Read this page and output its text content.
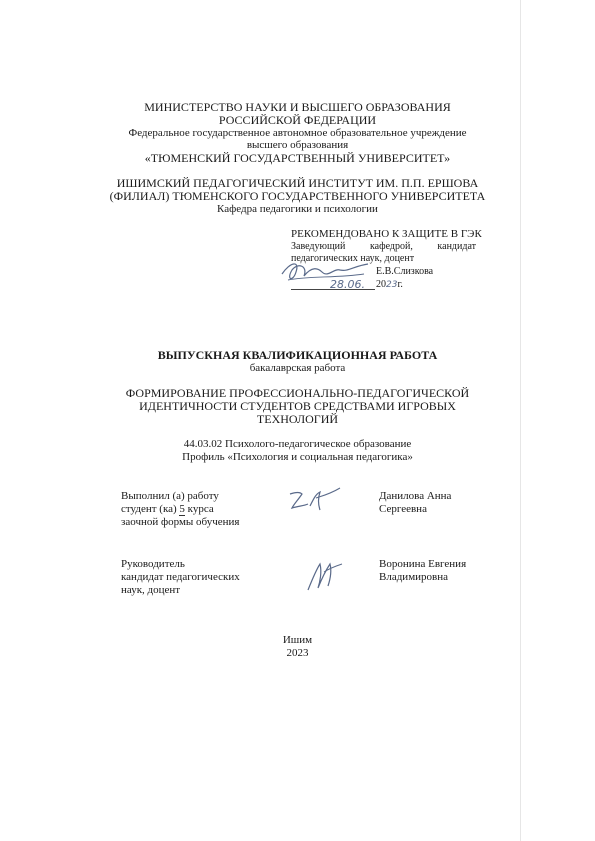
МИНИСТЕРСТВО НАУКИ И ВЫСШЕГО ОБРАЗОВАНИЯ
РОССИЙСКОЙ ФЕДЕРАЦИИ
Федеральное государственное автономное образовательное учреждение
высшего образования
«ТЮМЕНСКИЙ ГОСУДАРСТВЕННЫЙ УНИВЕРСИТЕТ»
ИШИМСКИЙ ПЕДАГОГИЧЕСКИЙ ИНСТИТУТ ИМ. П.П. ЕРШОВА
(ФИЛИАЛ) ТЮМЕНСКОГО ГОСУДАРСТВЕННОГО УНИВЕРСИТЕТА
Кафедра педагогики и психологии
РЕКОМЕНДОВАНО К ЗАЩИТЕ В ГЭК
Заведующий кафедрой, кандидат
педагогических наук, доцент
Е.В.Слизкова
2023г.
28.06.
ВЫПУСКНАЯ КВАЛИФИКАЦИОННАЯ РАБОТА
бакалаврская работа
ФОРМИРОВАНИЕ ПРОФЕССИОНАЛЬНО-ПЕДАГОГИЧЕСКОЙ
ИДЕНТИЧНОСТИ СТУДЕНТОВ СРЕДСТВАМИ ИГРОВЫХ
ТЕХНОЛОГИЙ
44.03.02 Психолого-педагогическое образование
Профиль «Психология и социальная педагогика»
Выполнил (а) работу
студент (ка) 5 курса
заочной формы обучения
Данилова Анна
Сергеевна
Руководитель
кандидат педагогических
наук, доцент
Воронина Евгения
Владимировна
Ишим
2023
